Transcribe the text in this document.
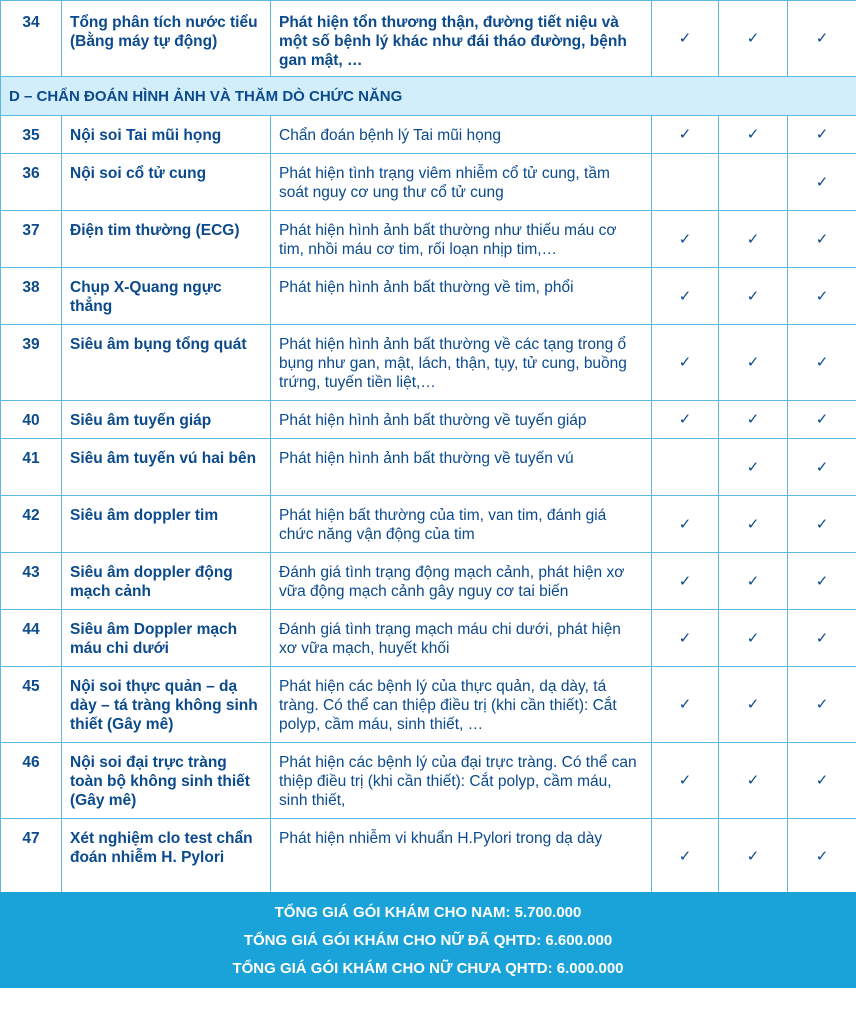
34	Tổng phân tích nước tiểu (Bằng máy tự động)	Phát hiện tổn thương thận, đường tiết niệu và một số bệnh lý khác như đái tháo đường, bệnh gan mật, …	✓	✓	✓
D – CHẨN ĐOÁN HÌNH ẢNH VÀ THĂM DÒ CHỨC NĂNG					
35	Nội soi Tai mũi họng	Chẩn đoán bệnh lý Tai mũi họng	✓	✓	✓
36	Nội soi cổ tử cung	Phát hiện tình trạng viêm nhiễm cổ tử cung, tầm soát nguy cơ ung thư cổ tử cung			✓
37	Điện tim thường (ECG)	Phát hiện hình ảnh bất thường như thiếu máu cơ tim, nhồi máu cơ tim, rối loạn nhịp tim,…	✓	✓	✓
38	Chụp X-Quang ngực thẳng	Phát hiện hình ảnh bất thường về tim, phổi	✓	✓	✓
39	Siêu âm bụng tổng quát	Phát hiện hình ảnh bất thường về các tạng trong ổ bụng như gan, mật, lách, thận, tụy, tử cung, buồng trứng, tuyến tiền liệt,…	✓	✓	✓
40	Siêu âm tuyến giáp	Phát hiện hình ảnh bất thường về tuyến giáp	✓	✓	✓
41	Siêu âm tuyến vú hai bên	Phát hiện hình ảnh bất thường về tuyến vú		✓	✓
42	Siêu âm doppler tim	Phát hiện bất thường của tim, van tim, đánh giá chức năng vận động của tim	✓	✓	✓
43	Siêu âm doppler động mạch cảnh	Đánh giá tình trạng động mạch cảnh, phát hiện xơ vữa động mạch cảnh gây nguy cơ tai biến	✓	✓	✓
44	Siêu âm Doppler mạch máu chi dưới	Đánh giá tình trạng mạch máu chi dưới, phát hiện xơ vữa mạch, huyết khối	✓	✓	✓
45	Nội soi thực quản – dạ dày – tá tràng không sinh thiết (Gây mê)	Phát hiện các bệnh lý của thực quản, dạ dày, tá tràng. Có thể can thiệp điều trị (khi cần thiết): Cắt polyp, cầm máu, sinh thiết, …	✓	✓	✓
46	Nội soi đại trực tràng toàn bộ không sinh thiết (Gây mê)	Phát hiện các bệnh lý của đại trực tràng. Có thể can thiệp điều trị (khi cần thiết): Cắt polyp, cầm máu, sinh thiết,	✓	✓	✓
47	Xét nghiệm clo test chẩn đoán nhiễm H. Pylori	Phát hiện nhiễm vi khuẩn H.Pylori trong dạ dày	✓	✓	✓
TỔNG GIÁ GÓI KHÁM CHO NAM: 5.700.000
TỔNG GIÁ GÓI KHÁM CHO NỮ ĐÃ QHTD: 6.600.000
TỔNG GIÁ GÓI KHÁM CHO NỮ CHƯA QHTD: 6.000.000
